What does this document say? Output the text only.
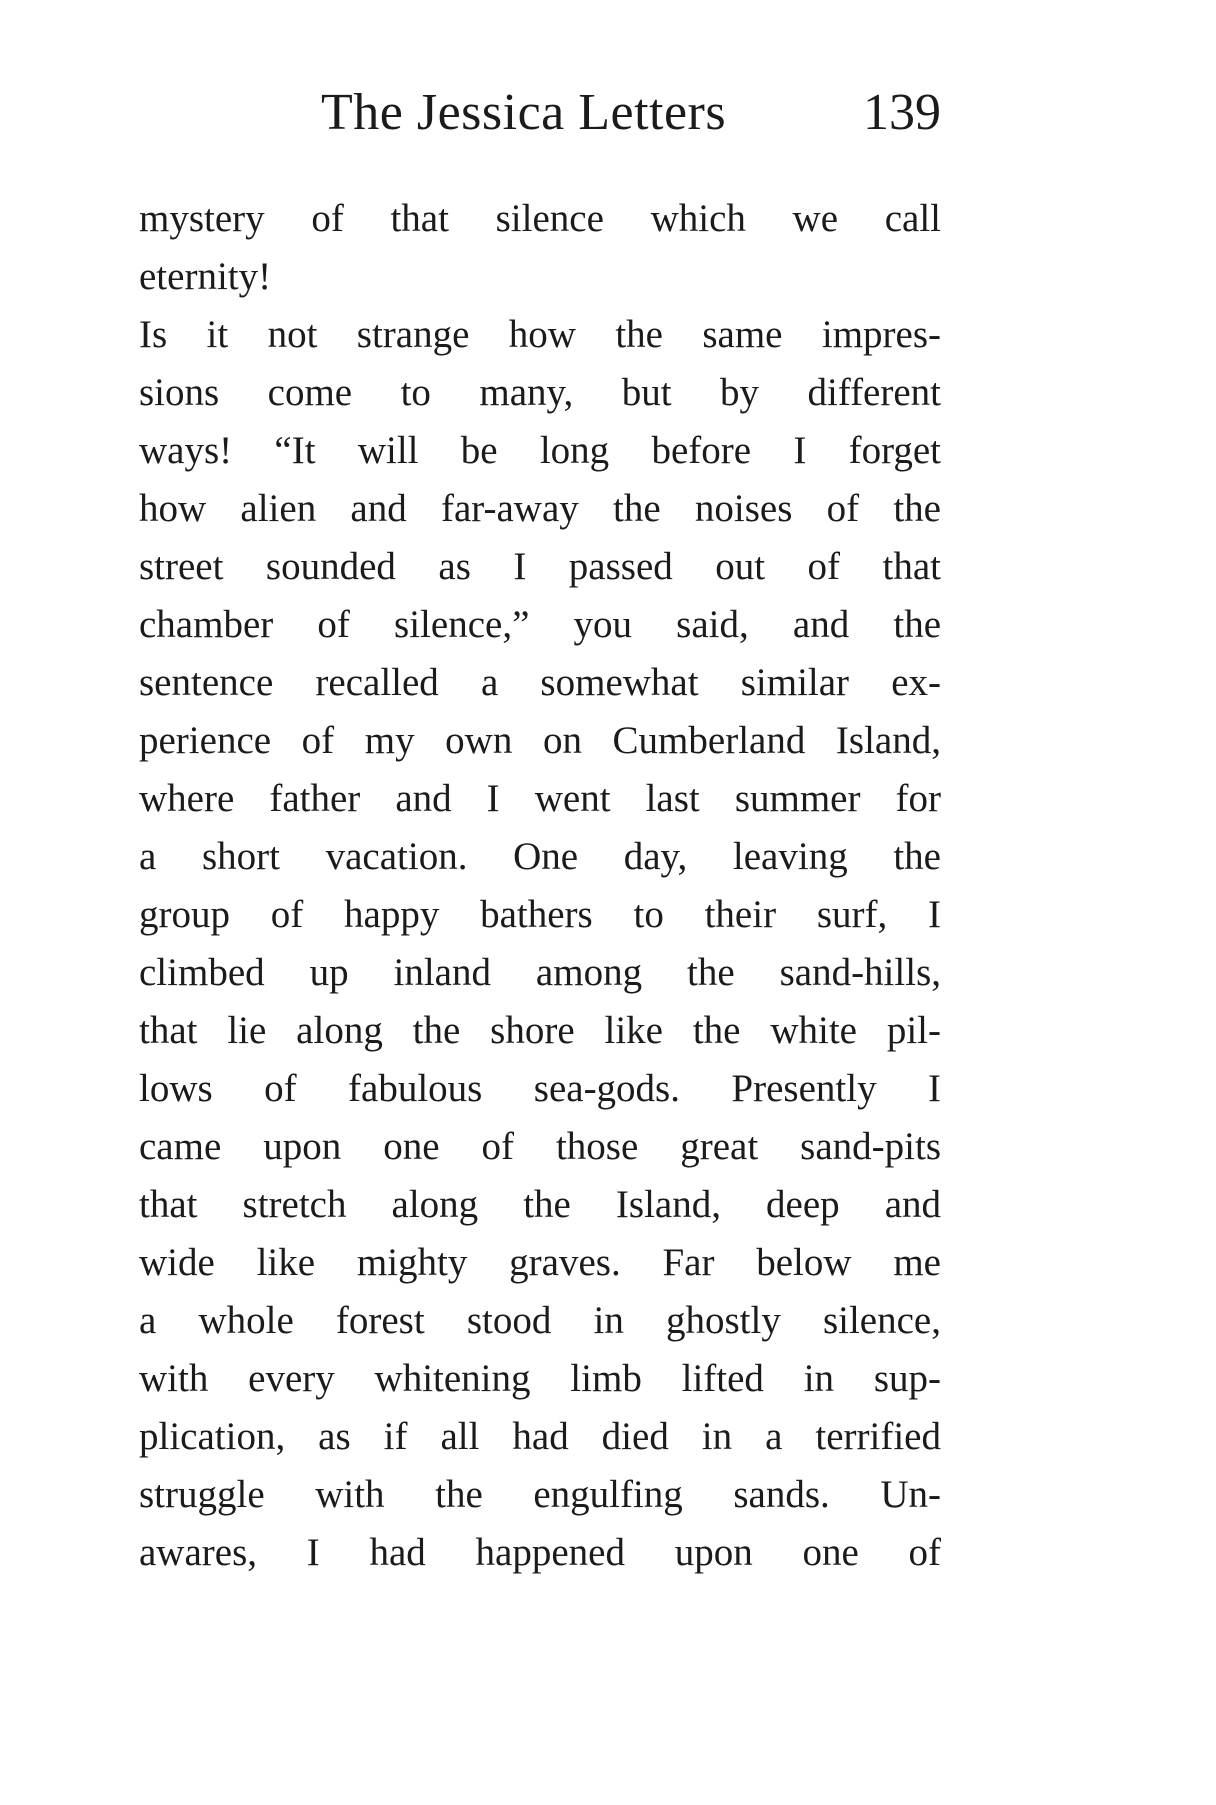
The Jessica Letters	139
mystery of that silence which we call
eternity!
Is it not strange how the same impres-
sions come to many, but by different
ways! “It will be long before I forget
how alien and far-away the noises of the
street sounded as I passed out of that
chamber of silence,” you said, and the
sentence recalled a somewhat similar ex-
perience of my own on Cumberland Island,
where father and I went last summer for
a short vacation. One day, leaving the
group of happy bathers to their surf, I
climbed up inland among the sand-hills,
that lie along the shore like the white pil-
lows of fabulous sea-gods. Presently I
came upon one of those great sand-pits
that stretch along the Island, deep and
wide like mighty graves. Far below me
a whole forest stood in ghostly silence,
with every whitening limb lifted in sup-
plication, as if all had died in a terrified
struggle with the engulfing sands. Un-
awares, I had happened upon one of
